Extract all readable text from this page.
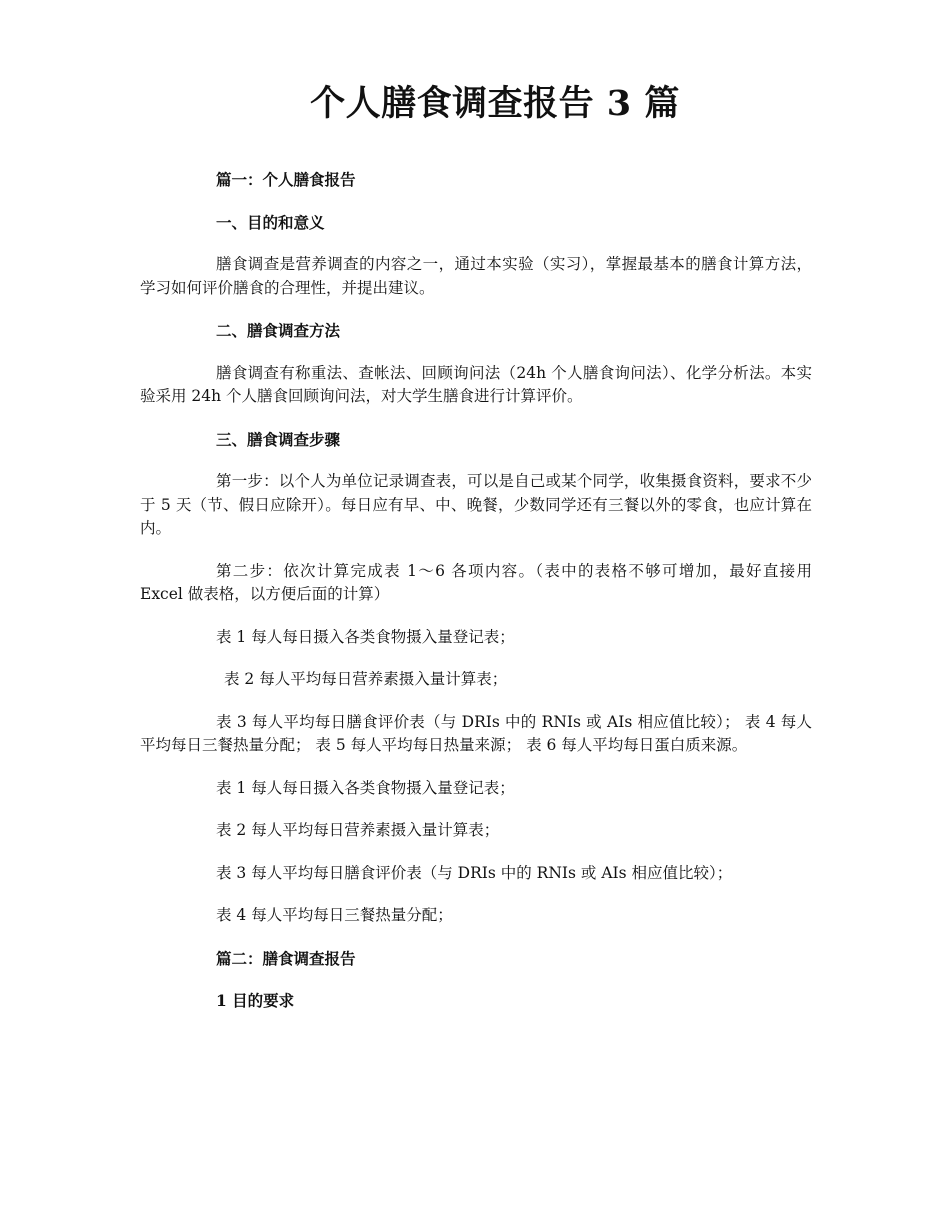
个人膳食调查报告 3 篇

篇一：个人膳食报告

一、目的和意义

膳食调查是营养调查的内容之一，通过本实验（实习），掌握最基本的膳食计算方法，学习如何评价膳食的合理性，并提出建议。

二、膳食调查方法

膳食调查有称重法、查帐法、回顾询问法（24h 个人膳食询问法）、化学分析法。本实验采用 24h 个人膳食回顾询问法，对大学生膳食进行计算评价。

三、膳食调查步骤

第一步：以个人为单位记录调查表，可以是自己或某个同学，收集摄食资料，要求不少于 5 天（节、假日应除开）。每日应有早、中、晚餐，少数同学还有三餐以外的零食，也应计算在内。

第二步：依次计算完成表 1～6 各项内容。（表中的表格不够可增加，最好直接用 Excel 做表格，以方便后面的计算）

表 1 每人每日摄入各类食物摄入量登记表；

表 2 每人平均每日营养素摄入量计算表；

表 3 每人平均每日膳食评价表（与 DRIs 中的 RNIs 或 AIs 相应值比较）； 表 4 每人平均每日三餐热量分配； 表 5 每人平均每日热量来源； 表 6 每人平均每日蛋白质来源。

表 1 每人每日摄入各类食物摄入量登记表；

表 2 每人平均每日营养素摄入量计算表；

表 3 每人平均每日膳食评价表（与 DRIs 中的 RNIs 或 AIs 相应值比较）；

表 4 每人平均每日三餐热量分配；

篇二：膳食调查报告

1 目的要求
